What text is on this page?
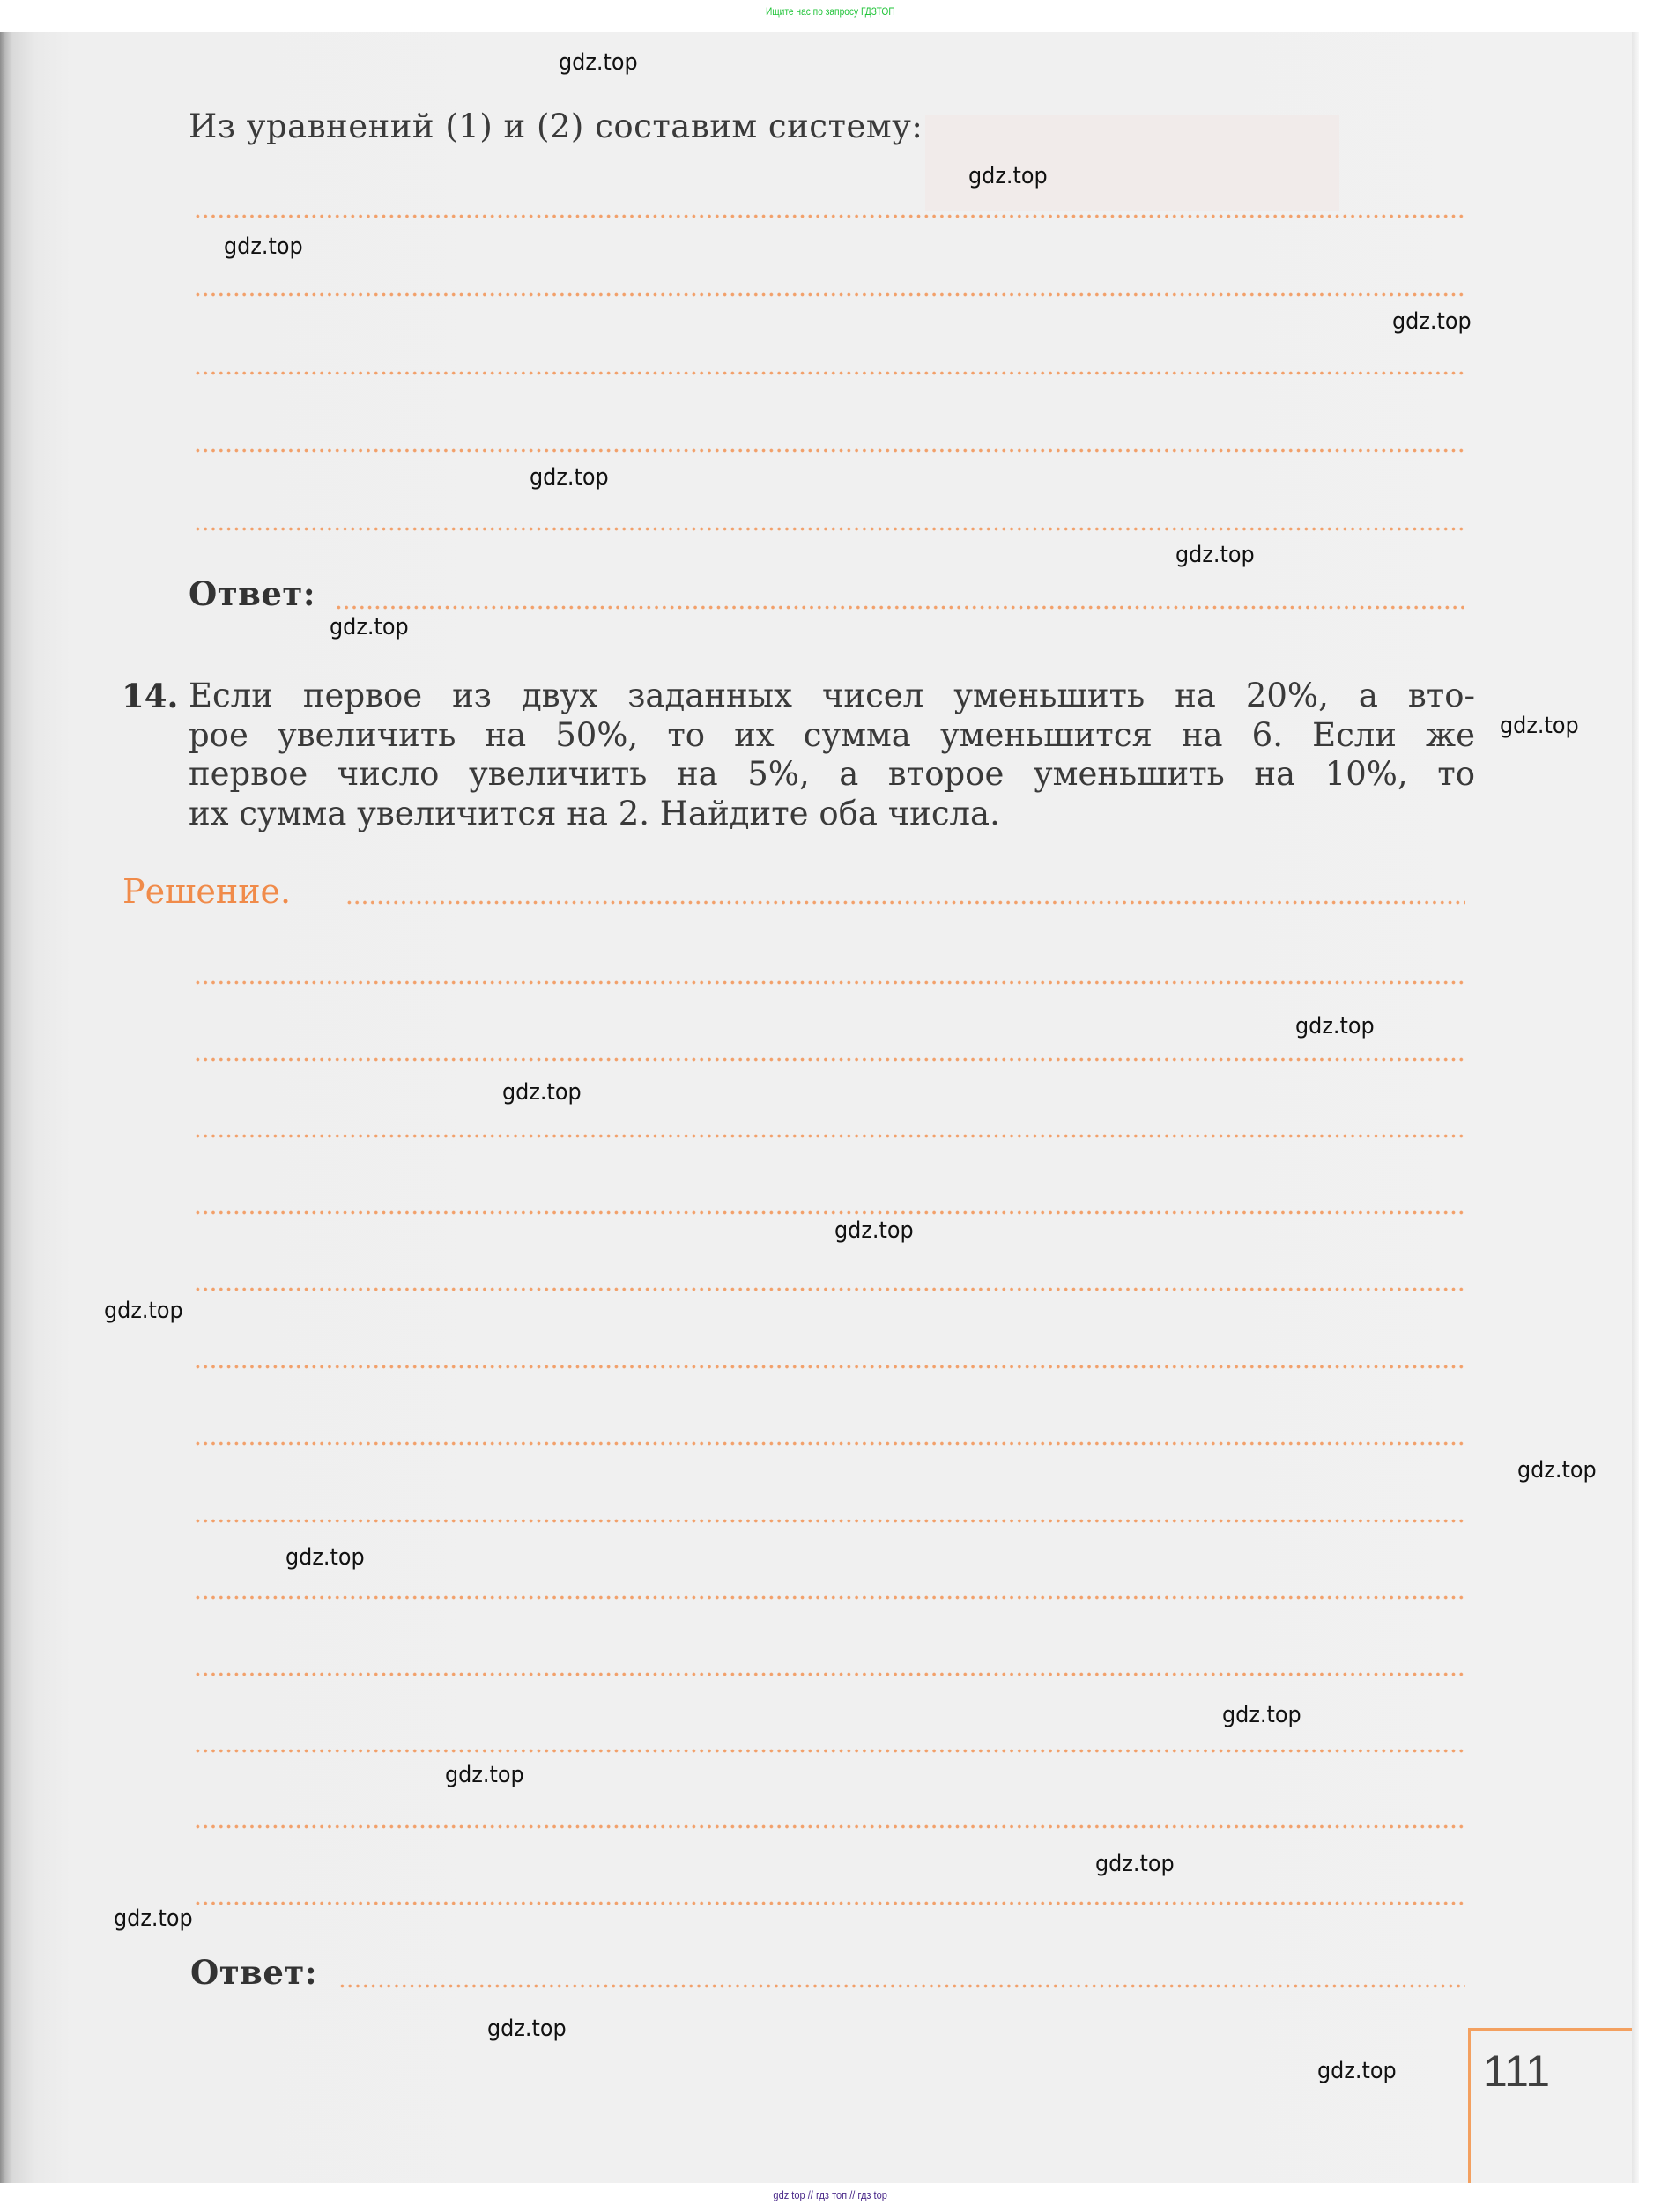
Ищите нас по запросу ГДЗТОП
Из уравнений (1) и (2) составим систему:
Ответ:
14. Если первое из двух заданных чисел уменьшить на 20%, а вто-
рое увеличить на 50%, то их сумма уменьшится на 6. Если же
первое число увеличить на 5%, а второе уменьшить на 10%, то
их сумма увеличится на 2. Найдите оба числа.
Решение.
Ответ:
111
gdz.top
gdz.top
gdz.top
gdz.top
gdz.top
gdz.top
gdz.top
gdz.top
gdz.top
gdz.top
gdz.top
gdz.top
gdz.top
gdz.top
gdz.top
gdz.top
gdz.top
gdz.top
gdz.top
gdz.top
gdz top // гдз топ // гдз top
